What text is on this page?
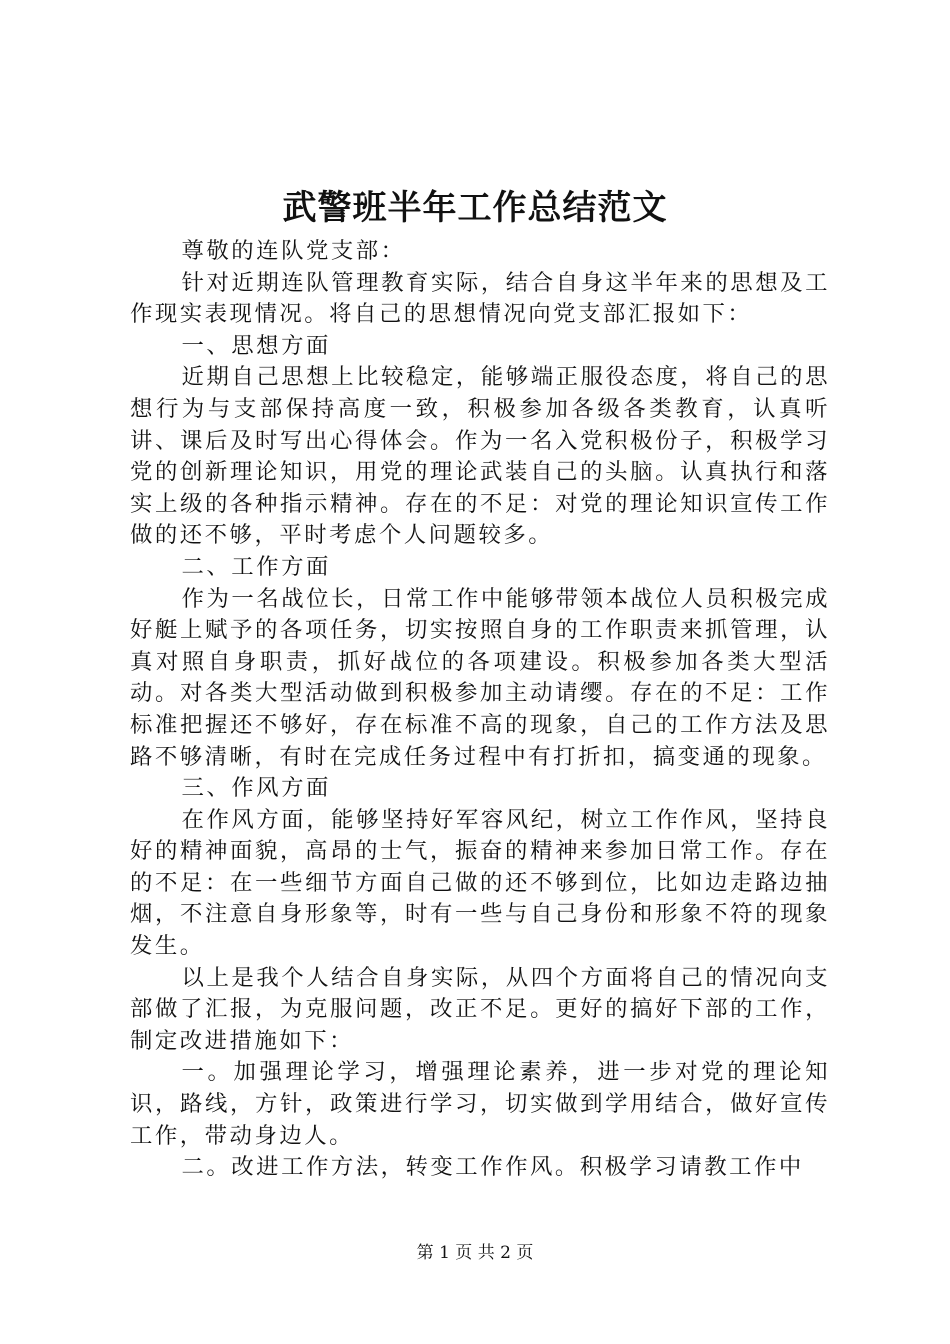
武警班半年工作总结范文

尊敬的连队党支部：

针对近期连队管理教育实际，结合自身这半年来的思想及工作现实表现情况。将自己的思想情况向党支部汇报如下：

一、思想方面

近期自己思想上比较稳定，能够端正服役态度，将自己的思想行为与支部保持高度一致，积极参加各级各类教育，认真听讲、课后及时写出心得体会。作为一名入党积极份子，积极学习党的创新理论知识，用党的理论武装自己的头脑。认真执行和落实上级的各种指示精神。存在的不足：对党的理论知识宣传工作做的还不够，平时考虑个人问题较多。

二、工作方面

作为一名战位长，日常工作中能够带领本战位人员积极完成好艇上赋予的各项任务，切实按照自身的工作职责来抓管理，认真对照自身职责，抓好战位的各项建设。积极参加各类大型活动。对各类大型活动做到积极参加主动请缨。存在的不足：工作标准把握还不够好，存在标准不高的现象，自己的工作方法及思路不够清晰，有时在完成任务过程中有打折扣，搞变通的现象。

三、作风方面

在作风方面，能够坚持好军容风纪，树立工作作风，坚持良好的精神面貌，高昂的士气，振奋的精神来参加日常工作。存在的不足：在一些细节方面自己做的还不够到位，比如边走路边抽烟，不注意自身形象等，时有一些与自己身份和形象不符的现象发生。

以上是我个人结合自身实际，从四个方面将自己的情况向支部做了汇报，为克服问题，改正不足。更好的搞好下部的工作，制定改进措施如下：

一。加强理论学习，增强理论素养，进一步对党的理论知识，路线，方针，政策进行学习，切实做到学用结合，做好宣传工作，带动身边人。

二。改进工作方法，转变工作作风。积极学习请教工作中

第 1 页 共 2 页
